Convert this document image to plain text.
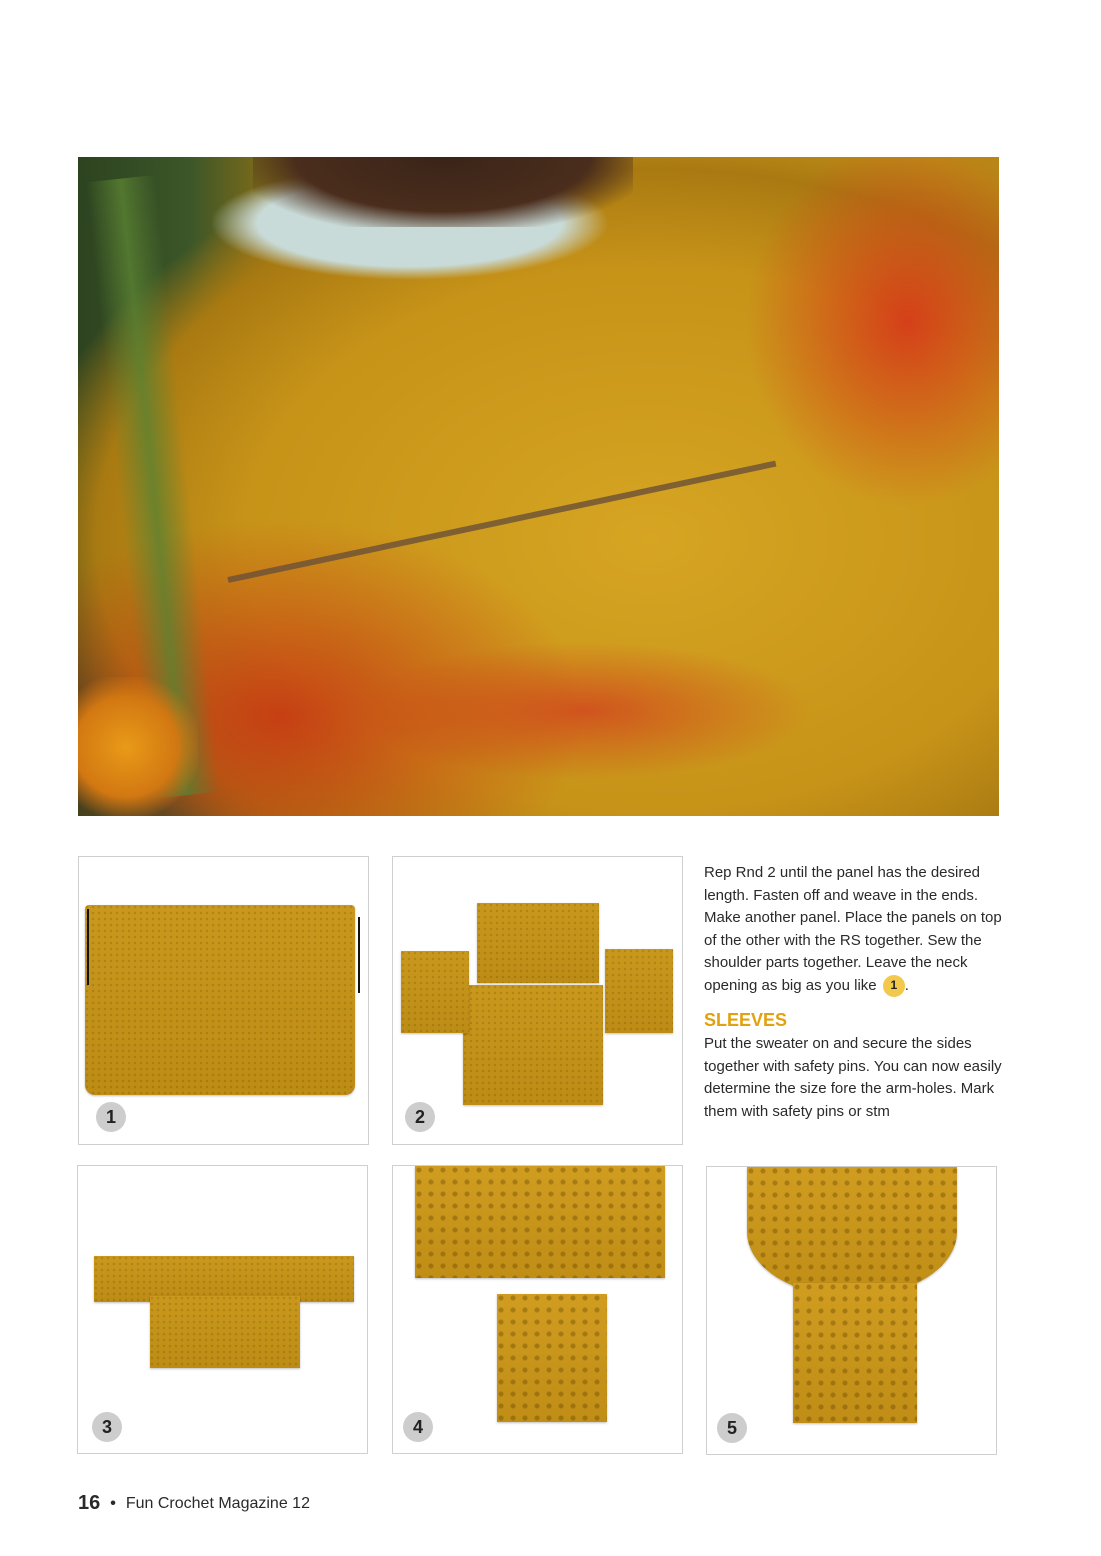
1	2
3	4	5

Rep Rnd 2 until the panel has the desired length. Fasten off and weave in the ends. Make another panel. Place the panels on top of the other with the RS together. Sew the shoulder parts together. Leave the neck opening as big as you like 1 .

SLEEVES

Put the sweater on and secure the sides together with safety pins. You can now easily determine the size fore the arm-holes. Mark them with safety pins or stm

16 • Fun Crochet Magazine 12
